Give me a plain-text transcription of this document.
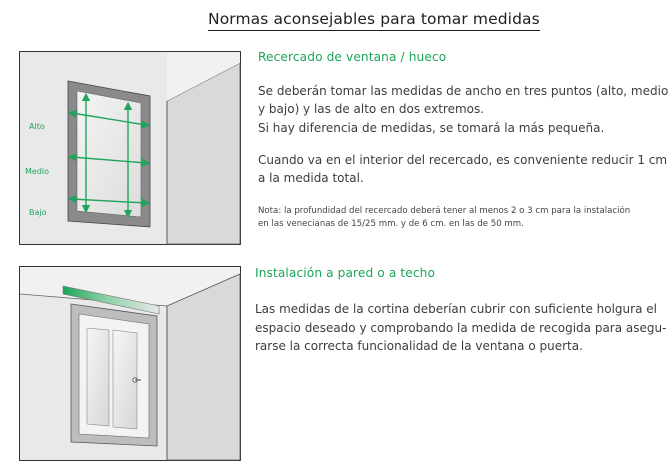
Normas aconsejables para tomar medidas
Alto
Medio
Bajo
Recercado de ventana / hueco
Se deberán tomar las medidas de ancho en tres puntos (alto, medio
y bajo) y las de alto en dos extremos.
Si hay diferencia de medidas, se tomará la más pequeña.
Cuando va en el interior del recercado, es conveniente reducir 1 cm
a la medida total.
Nota: la profundidad del recercado deberá tener al menos 2 o 3 cm para la instalación
en las venecianas de 15/25 mm. y de 6 cm. en las de 50 mm.
Instalación a pared o a techo
Las medidas de la cortina deberían cubrir con suficiente holgura el
espacio deseado y comprobando la medida de recogida para asegu-
rarse la correcta funcionalidad de la ventana o puerta.
